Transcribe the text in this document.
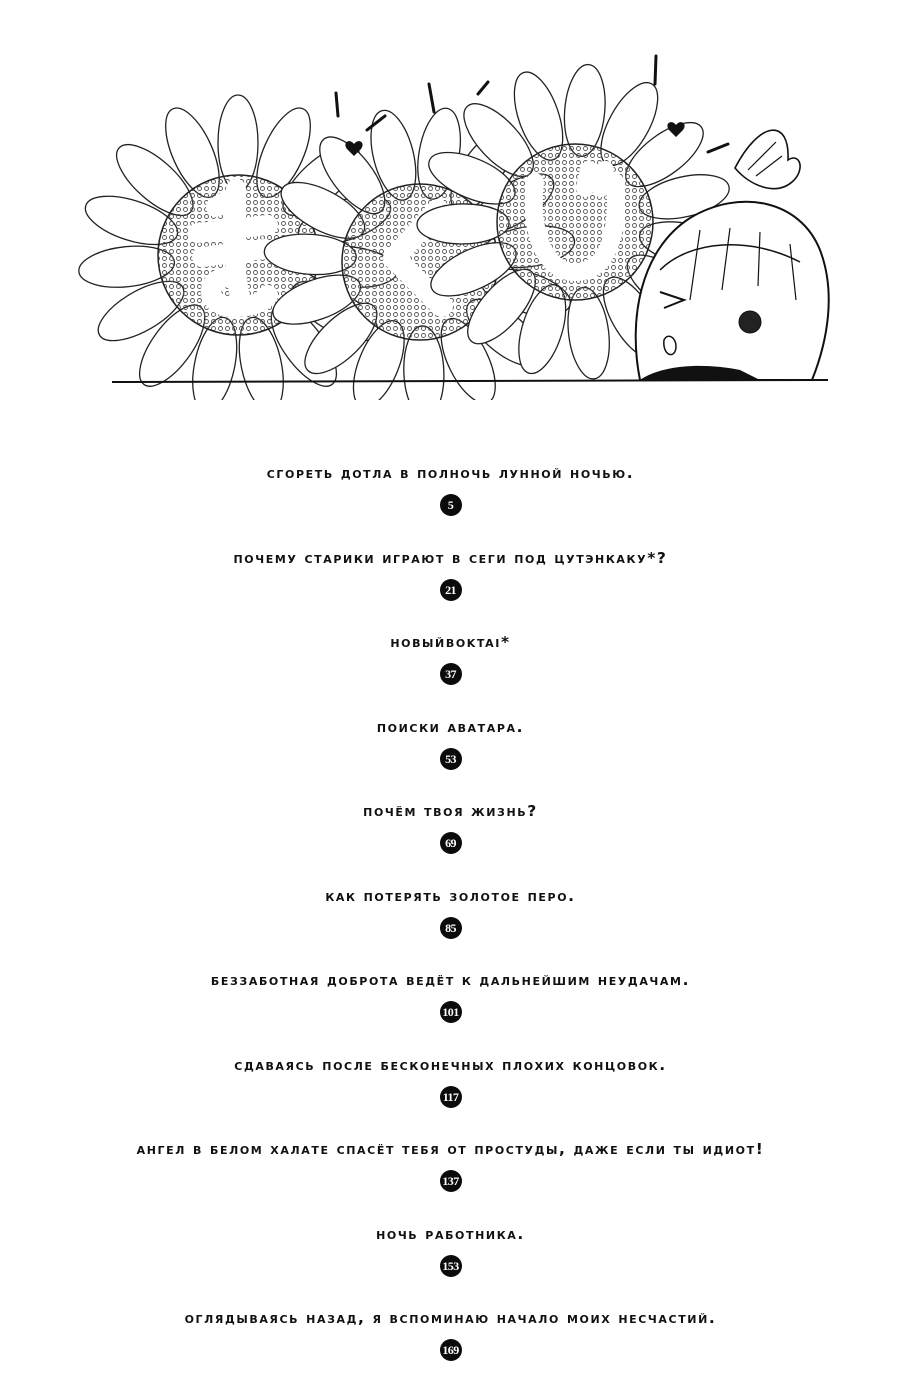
сгореть дотла в полночь лунной ночью.
5
почему старики играют в сеги под цутэнкаку*?
21
новыйboktai*
37
поиски аватара.
53
почём твоя жизнь?
69
как потерять золотое перо.
85
беззаботная доброта ведёт к дальнейшим неудачам.
101
сдаваясь после бесконечных плохих концовок.
117
ангел в белом халате спасёт тебя от простуды, даже если ты идиот!
137
ночь работника.
153
оглядываясь назад, я вспоминаю начало моих несчастий.
169
